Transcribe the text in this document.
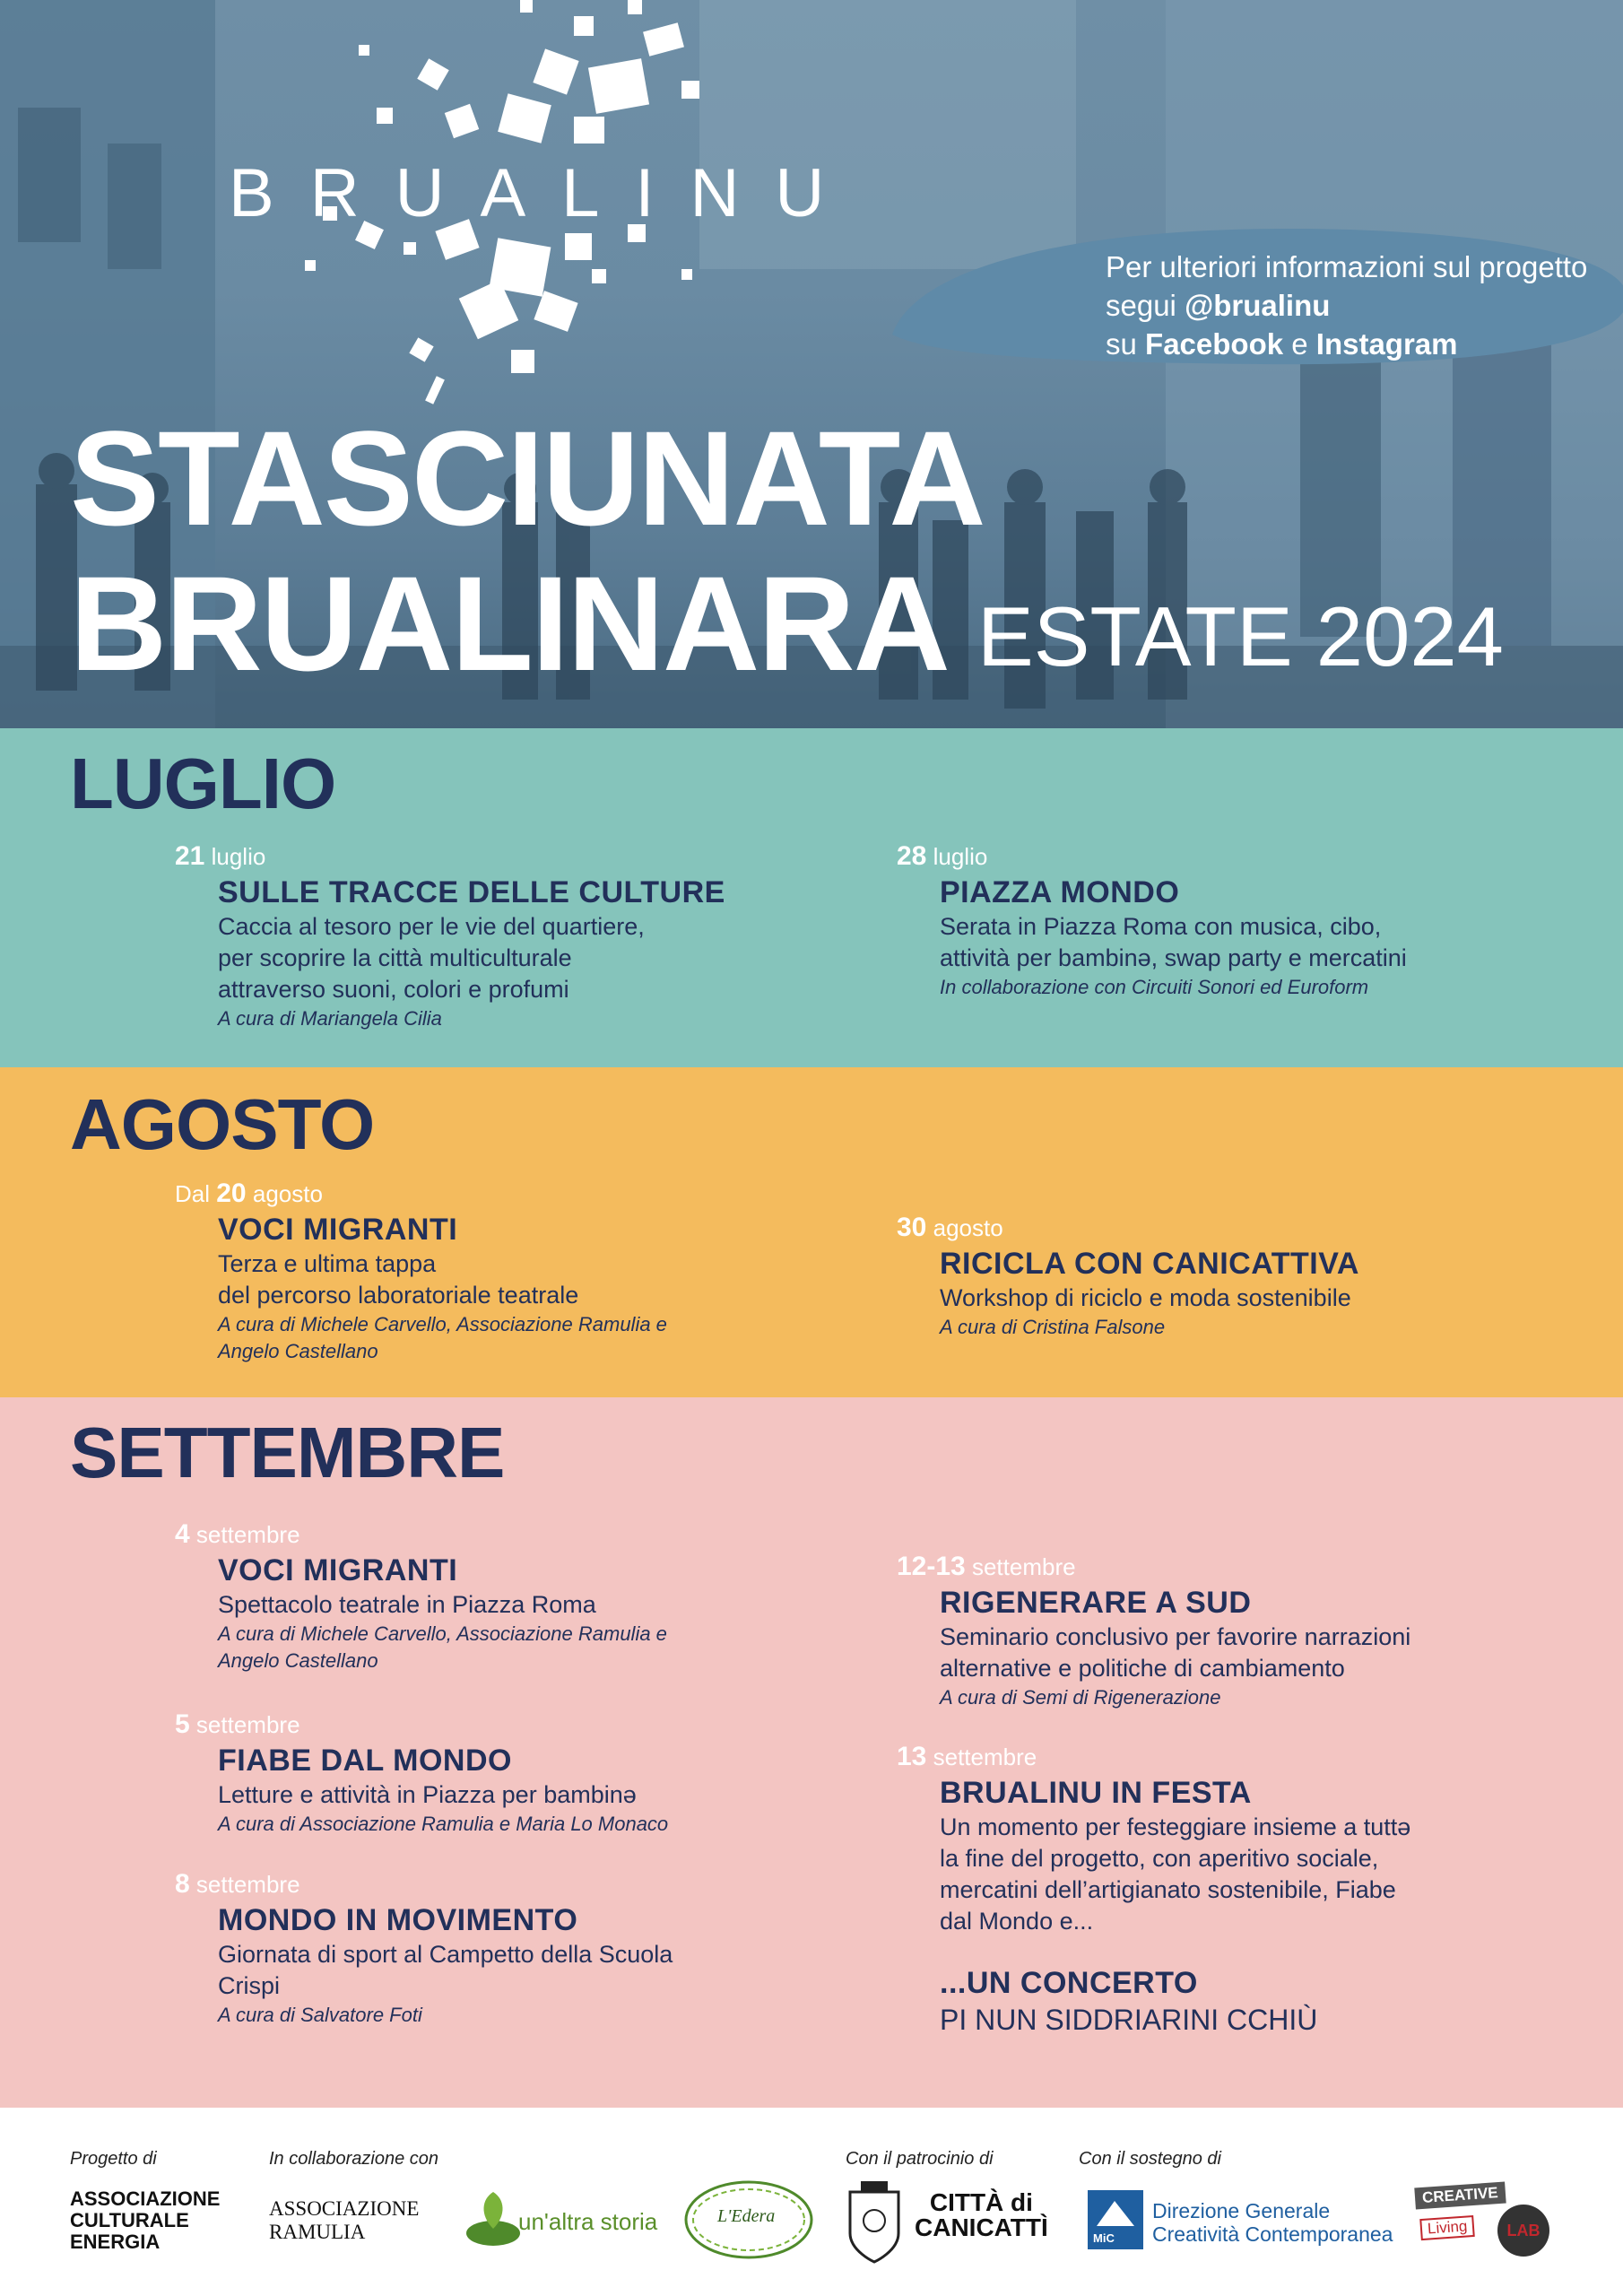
BRUALINU
Per ulteriori informazioni sul progetto
segui @brualinu
su Facebook e Instagram
STASCIUNATA
BRUALINARA ESTATE 2024
LUGLIO
21 luglio
SULLE TRACCE DELLE CULTURE
Caccia al tesoro per le vie del quartiere,
per scoprire la città multiculturale
attraverso suoni, colori e profumi
A cura di Mariangela Cilia
28 luglio
PIAZZA MONDO
Serata in Piazza Roma con musica, cibo,
attività per bambinə, swap party e mercatini
In collaborazione con Circuiti Sonori ed Euroform
AGOSTO
Dal 20 agosto
VOCI MIGRANTI
Terza e ultima tappa
del percorso laboratoriale teatrale
A cura di Michele Carvello, Associazione Ramulia e
Angelo Castellano
30 agosto
RICICLA CON CANICATTIVA
Workshop di riciclo e moda sostenibile
A cura di Cristina Falsone
SETTEMBRE
4 settembre
VOCI MIGRANTI
Spettacolo teatrale in Piazza Roma
A cura di Michele Carvello, Associazione Ramulia e
Angelo Castellano
5 settembre
FIABE DAL MONDO
Letture e attività in Piazza per bambinə
A cura di Associazione Ramulia e Maria Lo Monaco
8 settembre
MONDO IN MOVIMENTO
Giornata di sport al Campetto della Scuola
Crispi
A cura di Salvatore Foti
12-13 settembre
RIGENERARE A SUD
Seminario conclusivo per favorire narrazioni
alternative e politiche di cambiamento
A cura di Semi di Rigenerazione
13 settembre
BRUALINU IN FESTA
Un momento per festeggiare insieme a tuttə
la fine del progetto, con aperitivo sociale,
mercatini dell’artigianato sostenibile, Fiabe
dal Mondo e...
...UN CONCERTO
PI NUN SIDDRIARINI CCHIÙ
Progetto di	In collaborazione con	Con il patrocinio di	Con il sostegno di
ASSOCIAZIONE
CULTURALE
ENERGIA
ASSOCIAZIONE
RAMULIA	un'altra storia	L'Edera	CITTÀ di
CANICATTÌ	MiC
Direzione Generale
Creatività Contemporanea
CREATIVE
Living	LAB
